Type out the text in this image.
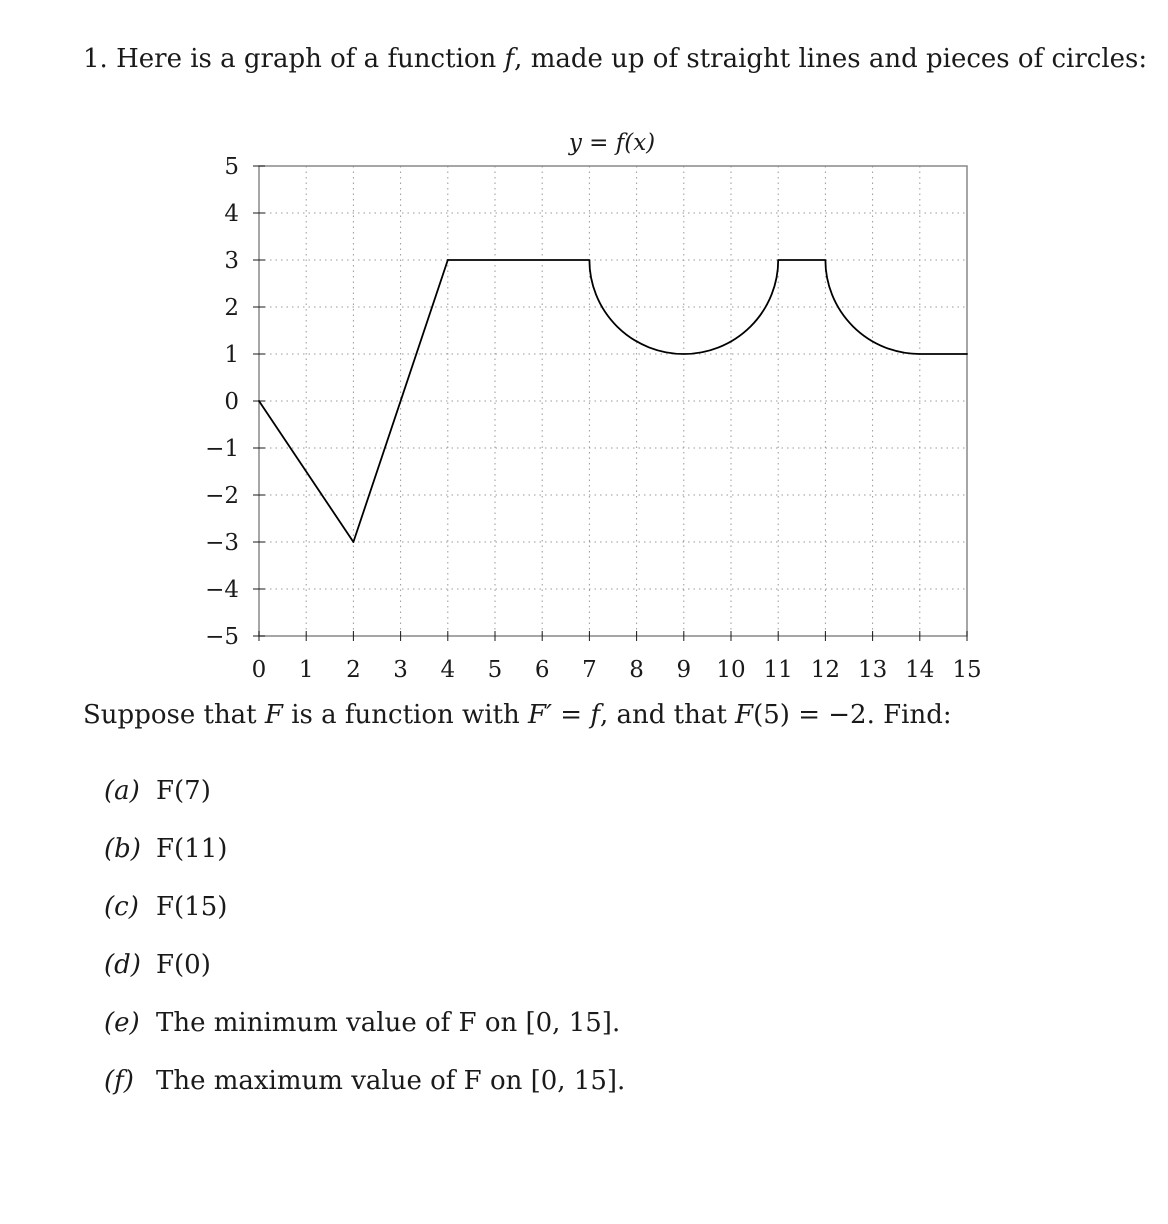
1. Here is a graph of a function f, made up of straight lines and pieces of circles:
y = f(x)
0 1 2 3 4 5 6 7 8 9 10 11 12 13 14 15
5
4
3
2
1
0
−1
−2
−3
−4
−5
Suppose that F is a function with F′ = f, and that F(5) = −2. Find:
(a) F(7)
(b) F(11)
(c) F(15)
(d) F(0)
(e) The minimum value of F on [0, 15].
(f) The maximum value of F on [0, 15].
